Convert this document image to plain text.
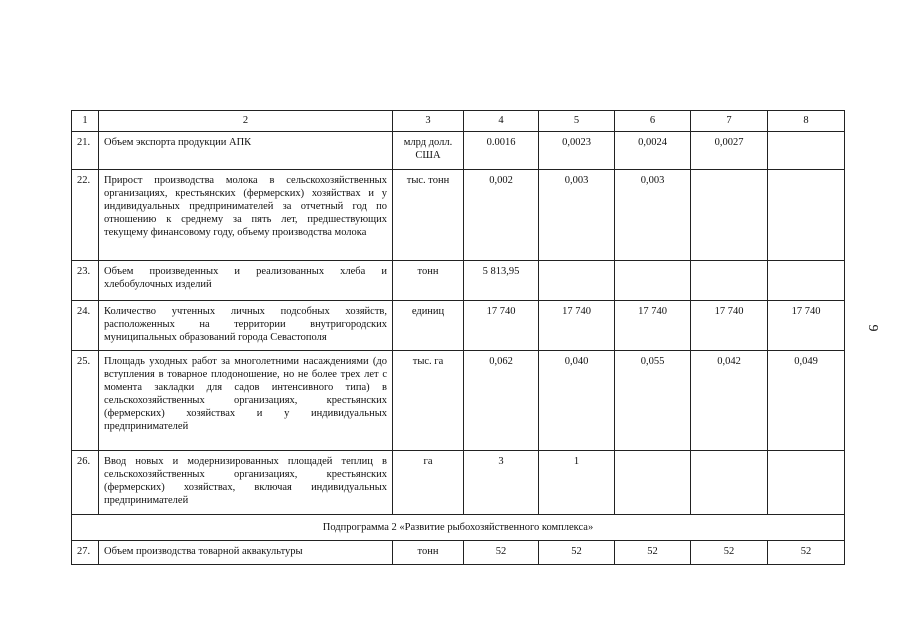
1	2	3	4	5	6	7	8
21.	Объем экспорта продукции АПК	млрд долл. США	0.0016	0,0023	0,0024	0,0027	
22.	Прирост производства молока в сельскохозяйственных организациях, крестьянских (фермерских) хозяйствах и у индивидуальных предпринимателей за отчетный год по отношению к среднему за пять лет, предшествующих текущему финансовому году, объему производства молока	тыс. тонн	0,002	0,003	0,003		
23.	Объем произведенных и реализованных хлеба и хлебобулочных изделий	тонн	5 813,95				
24.	Количество учтенных личных подсобных хозяйств, расположенных на территории внутригородских муниципальных образований города Севастополя	единиц	17 740	17 740	17 740	17 740	17 740
25.	Площадь уходных работ за многолетними насаждениями (до вступления в товарное плодоношение, но не более трех лет с момента закладки для садов интенсивного типа) в сельскохозяйственных организациях, крестьянских (фермерских) хозяйствах и у индивидуальных предпринимателей	тыс. га	0,062	0,040	0,055	0,042	0,049
26.	Ввод новых и модернизированных площадей теплиц в сельскохозяйственных организациях, крестьянских (фермерских) хозяйствах, включая индивидуальных предпринимателей	га	3	1			
Подпрограмма 2 «Развитие рыбохозяйственного комплекса»							
27.	Объем производства товарной аквакультуры	тонн	52	52	52	52	52
9
